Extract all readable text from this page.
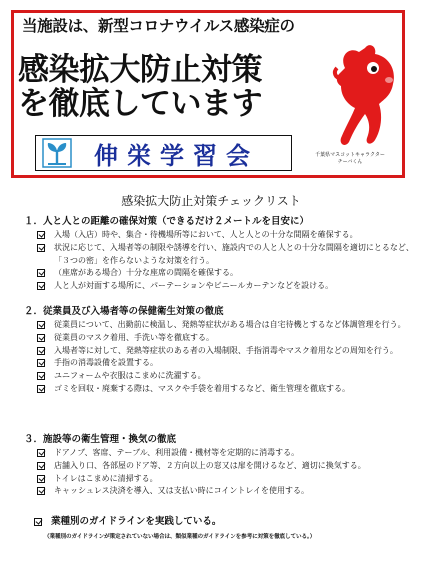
当施設は、新型コロナウイルス感染症の
感染拡大防止対策
を徹底しています
千葉県マスコットキャラクター
チーバくん
伸栄学習会
感染拡大防止対策チェックリスト
１．人と人との距離の確保対策（できるだけ２メートルを目安に）
入場（入店）時や、集合・待機場所等において、人と人との十分な間隔を確保する。
状況に応じて、入場者等の制限や誘導を行い、施設内での人と人との十分な間隔を適切にとるなど、「３つの密」を作らないような対策を行う。
（座席がある場合）十分な座席の間隔を確保する。
人と人が対面する場所に、パーテーションやビニールカーテンなどを設ける。
２．従業員及び入場者等の保健衛生対策の徹底
従業員について、出勤前に検温し、発熱等症状がある場合は自宅待機とするなど体調管理を行う。
従業員のマスク着用、手洗い等を徹底する。
入場者等に対して、発熱等症状のある者の入場制限、手指消毒やマスク着用などの周知を行う。
手指の消毒設備を設置する。
ユニフォームや衣服はこまめに洗濯する。
ゴミを回収・廃棄する際は、マスクや手袋を着用するなど、衛生管理を徹底する。
３．施設等の衛生管理・換気の徹底
ドアノブ、客席、テーブル、利用設備・機材等を定期的に消毒する。
店舗入り口、各部屋のドア等、２方向以上の窓又は扉を開けるなど、適切に換気する。
トイレはこまめに清掃する。
キャッシュレス決済を導入、又は支払い時にコイントレイを使用する。
業種別のガイドラインを実践している。
（業種別のガイドラインが策定されていない場合は、類似業種のガイドラインを参考に対策を徹底している。）
